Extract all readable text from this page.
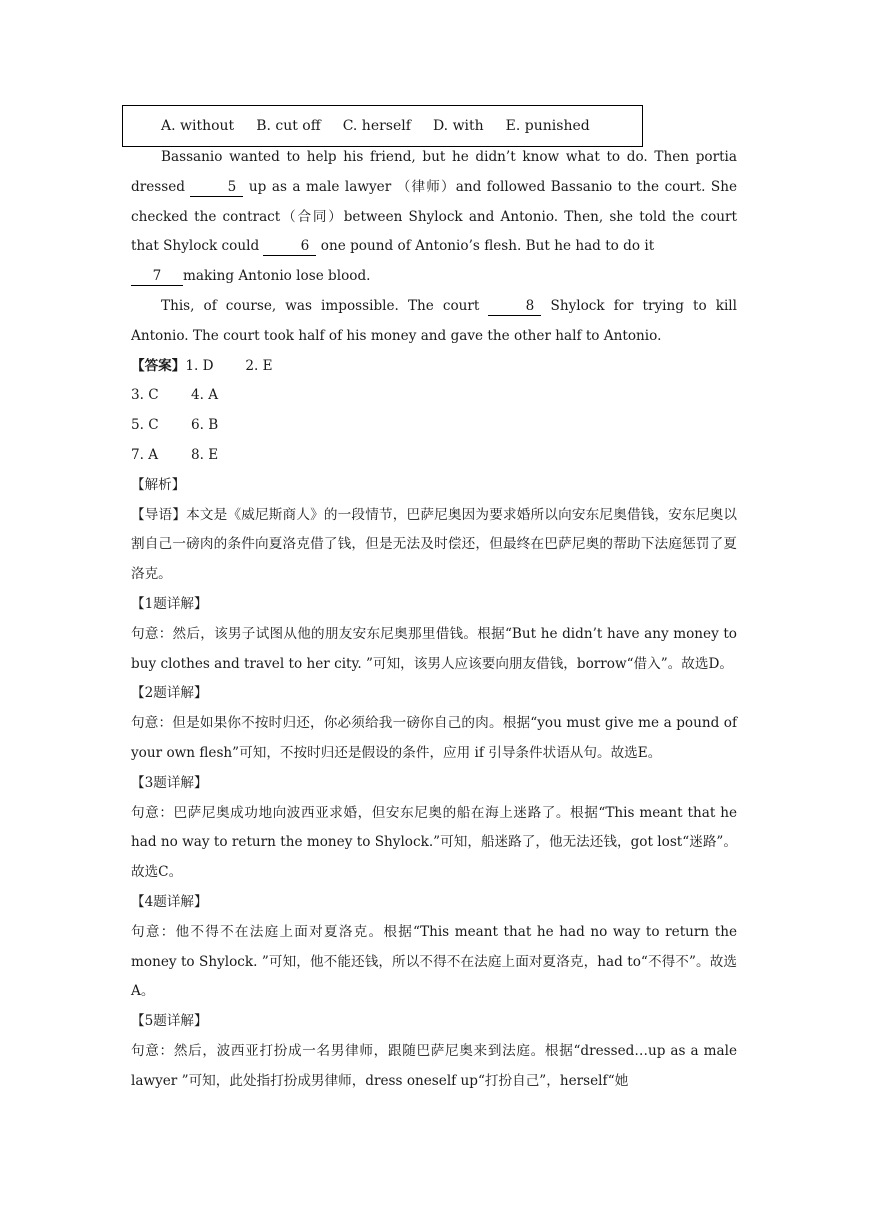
A. without B. cut off C. herself D. with E. punished

Bassanio wanted to help his friend, but he didn’t know what to do. Then portia dressed	5 up as a male lawyer （律师）and followed Bassanio to the court. She checked the contract（合同）between Shylock and Antonio. Then, she told the court that Shylock could	6 one pound of Antonio’s flesh. But he had to do it
7 making Antonio lose blood.

This, of course, was impossible. The court	8 Shylock for trying to kill Antonio. The court took half of his money and gave the other half to Antonio.

【答案】1. D 2. E

3. C 4. A

5. C 6. B

7. A 8. E

【解析】

【导语】本文是《威尼斯商人》的一段情节，巴萨尼奥因为要求婚所以向安东尼奥借钱，安东尼奥以割自己一磅肉的条件向夏洛克借了钱，但是无法及时偿还，但最终在巴萨尼奥的帮助下法庭惩罚了夏洛克。

【1题详解】

句意：然后，该男子试图从他的朋友安东尼奥那里借钱。根据“But he didn’t have any money to buy clothes and travel to her city. ”可知，该男人应该要向朋友借钱，borrow“借入”。故选D。

【2题详解】

句意：但是如果你不按时归还，你必须给我一磅你自己的肉。根据“you must give me a pound of your own flesh”可知，不按时归还是假设的条件，应用 if 引导条件状语从句。故选E。

【3题详解】

句意：巴萨尼奥成功地向波西亚求婚，但安东尼奥的船在海上迷路了。根据“This meant that he had no way to return the money to Shylock.”可知，船迷路了，他无法还钱，got lost“迷路”。故选C。

【4题详解】

句意：他不得不在法庭上面对夏洛克。根据“This meant that he had no way to return the money to Shylock. ”可知，他不能还钱，所以不得不在法庭上面对夏洛克，had to“不得不”。故选A。

【5题详解】

句意：然后，波西亚打扮成一名男律师，跟随巴萨尼奥来到法庭。根据“dressed…up as a male lawyer ”可知，此处指打扮成男律师，dress oneself up“打扮自己”，herself“她
